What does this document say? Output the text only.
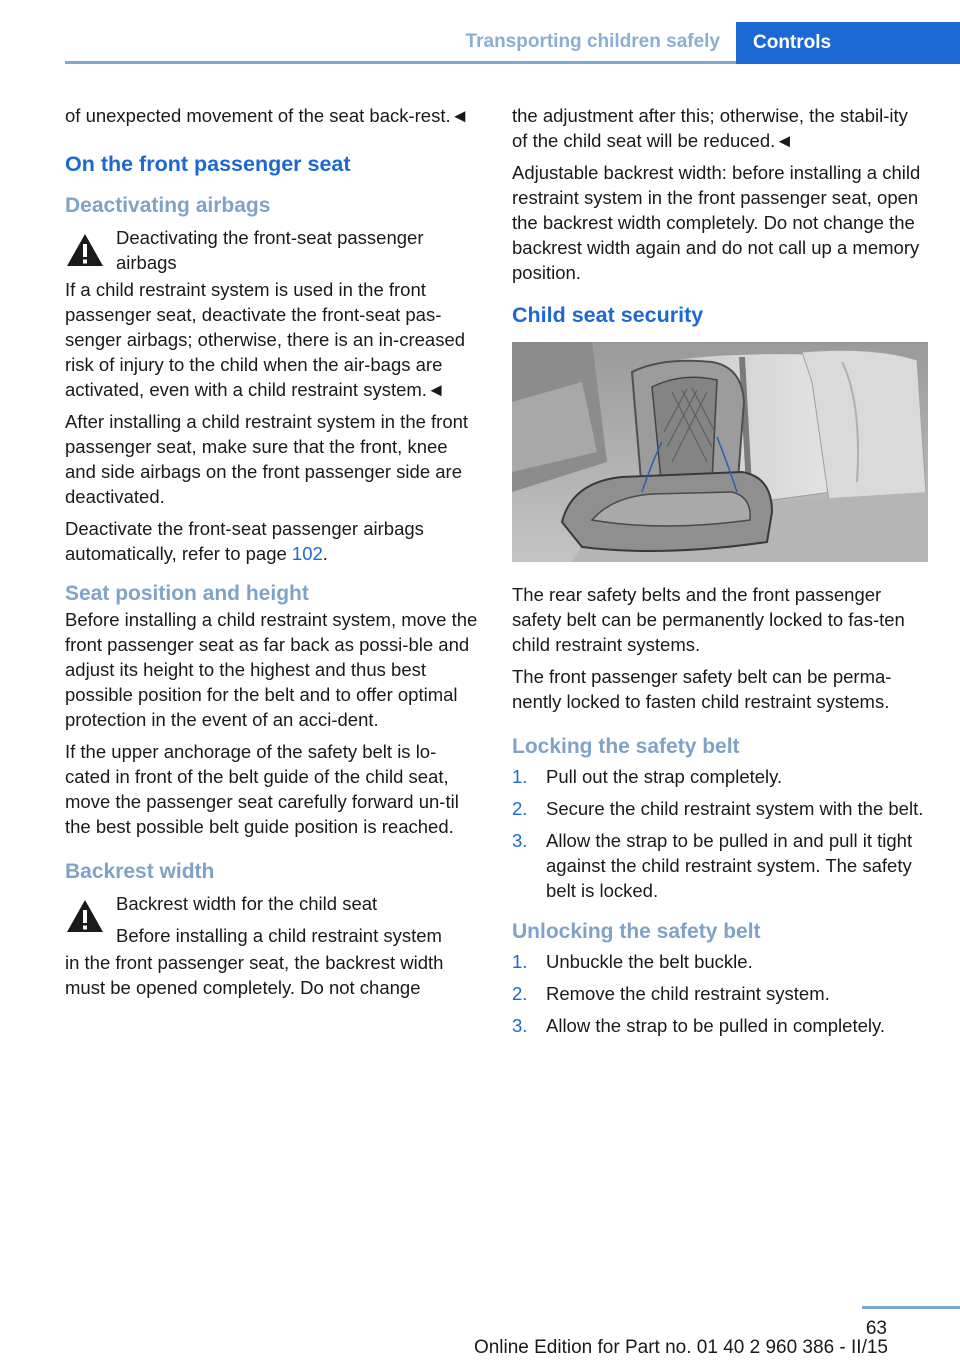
Transporting children safely Controls

of unexpected movement of the seat back-rest.◄

On the front passenger seat
Deactivating airbags
Deactivating the front-seat passenger airbags

If a child restraint system is used in the front passenger seat, deactivate the front-seat pas-senger airbags; otherwise, there is an in-creased risk of injury to the child when the air-bags are activated, even with a child restraint system.◄

After installing a child restraint system in the front passenger seat, make sure that the front, knee and side airbags on the front passenger side are deactivated.

Deactivate the front-seat passenger airbags automatically, refer to page 102.

Seat position and height

Before installing a child restraint system, move the front passenger seat as far back as possi-ble and adjust its height to the highest and thus best possible position for the belt and to offer optimal protection in the event of an acci-dent.

If the upper anchorage of the safety belt is lo-cated in front of the belt guide of the child seat, move the passenger seat carefully forward un-til the best possible belt guide position is reached.

Backrest width
Backrest width for the child seat
Before installing a child restraint system

in the front passenger seat, the backrest width must be opened completely. Do not change

the adjustment after this; otherwise, the stabil-ity of the child seat will be reduced.◄

Adjustable backrest width: before installing a child restraint system in the front passenger seat, open the backrest width completely. Do not change the backrest width again and do not call up a memory position.

Child seat security

The rear safety belts and the front passenger safety belt can be permanently locked to fas-ten child restraint systems.

The front passenger safety belt can be perma-nently locked to fasten child restraint systems.

Locking the safety belt
1.	Pull out the strap completely.
2.	Secure the child restraint system with the belt.
3.	Allow the strap to be pulled in and pull it tight against the child restraint system. The safety belt is locked.
Unlocking the safety belt
1.	Unbuckle the belt buckle.
2.	Remove the child restraint system.
3.	Allow the strap to be pulled in completely.
63
Online Edition for Part no. 01 40 2 960 386 - II/15
